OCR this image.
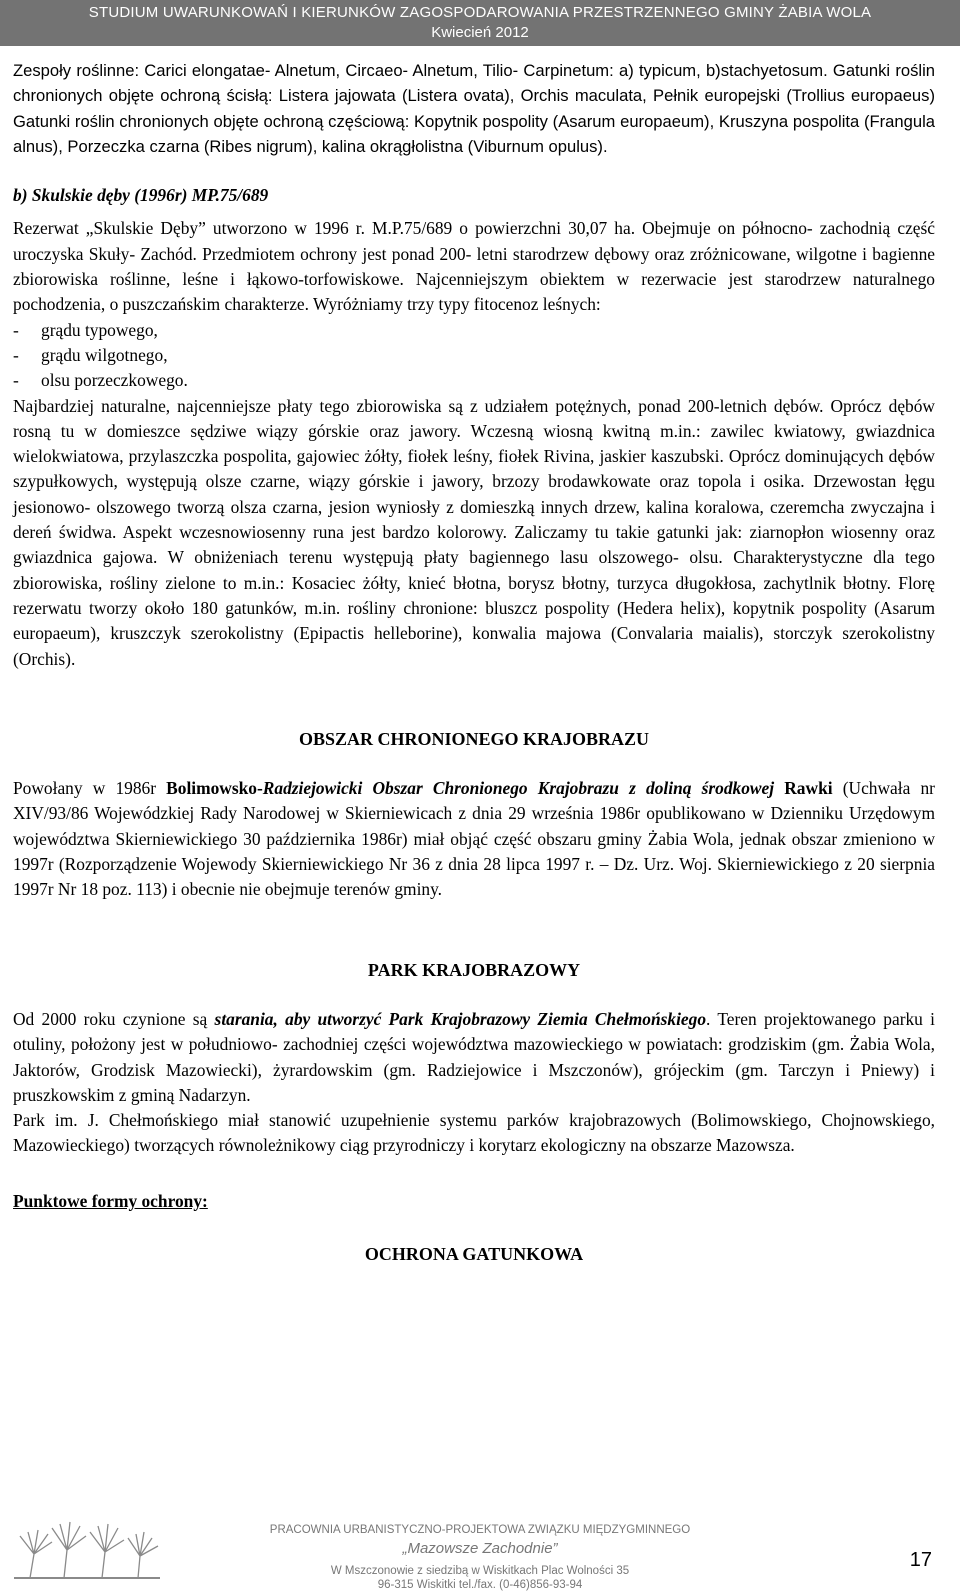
STUDIUM UWARUNKOWAŃ I KIERUNKÓW ZAGOSPODAROWANIA PRZESTRZENNEGO GMINY ŻABIA WOLA
Kwiecień 2012

Zespoły roślinne: Carici elongatae- Alnetum, Circaeo- Alnetum, Tilio- Carpinetum: a) typicum, b)stachyetosum. Gatunki roślin chronionych objęte ochroną ścisłą: Listera jajowata (Listera ovata), Orchis maculata, Pełnik europejski (Trollius europaeus) Gatunki roślin chronionych objęte ochroną częściową: Kopytnik pospolity (Asarum europaeum), Kruszyna pospolita (Frangula alnus), Porzeczka czarna (Ribes nigrum), kalina okrągłolistna (Viburnum opulus).

b) Skulskie dęby (1996r) MP.75/689

Rezerwat „Skulskie Dęby” utworzono w 1996 r. M.P.75/689 o powierzchni 30,07 ha. Obejmuje on północno- zachodnią część uroczyska Skuły- Zachód. Przedmiotem ochrony jest ponad 200- letni starodrzew dębowy oraz zróżnicowane, wilgotne i bagienne zbiorowiska roślinne, leśne i łąkowo-torfowiskowe. Najcenniejszym obiektem w rezerwacie jest starodrzew naturalnego pochodzenia, o puszczańskim charakterze. Wyróżniamy trzy typy fitocenoz leśnych:

- grądu typowego,

- grądu wilgotnego,

- olsu porzeczkowego.

Najbardziej naturalne, najcenniejsze płaty tego zbiorowiska są z udziałem potężnych, ponad 200-letnich dębów. Oprócz dębów rosną tu w domieszce sędziwe wiązy górskie oraz jawory. Wczesną wiosną kwitną m.in.: zawilec kwiatowy, gwiazdnica wielokwiatowa, przylaszczka pospolita, gajowiec żółty, fiołek leśny, fiołek Rivina, jaskier kaszubski. Oprócz dominujących dębów szypułkowych, występują olsze czarne, wiązy górskie i jawory, brzozy brodawkowate oraz topola i osika. Drzewostan łęgu jesionowo- olszowego tworzą olsza czarna, jesion wyniosły z domieszką innych drzew, kalina koralowa, czeremcha zwyczajna i dereń świdwa. Aspekt wczesnowiosenny runa jest bardzo kolorowy. Zaliczamy tu takie gatunki jak: ziarnopłon wiosenny oraz gwiazdnica gajowa. W obniżeniach terenu występują płaty bagiennego lasu olszowego- olsu. Charakterystyczne dla tego zbiorowiska, rośliny zielone to m.in.: Kosaciec żółty, knieć błotna, borysz błotny, turzyca długokłosa, zachytlnik błotny. Florę rezerwatu tworzy około 180 gatunków, m.in. rośliny chronione: bluszcz pospolity (Hedera helix), kopytnik pospolity (Asarum europaeum), kruszczyk szerokolistny (Epipactis helleborine), konwalia majowa (Convalaria maialis), storczyk szerokolistny (Orchis).

OBSZAR CHRONIONEGO KRAJOBRAZU

Powołany w 1986r Bolimowsko-Radziejowicki Obszar Chronionego Krajobrazu z doliną środkowej Rawki (Uchwała nr XIV/93/86 Wojewódzkiej Rady Narodowej w Skierniewicach z dnia 29 września 1986r opublikowano w Dzienniku Urzędowym województwa Skierniewickiego 30 października 1986r) miał objąć część obszaru gminy Żabia Wola, jednak obszar zmieniono w 1997r (Rozporządzenie Wojewody Skierniewickiego Nr 36 z dnia 28 lipca 1997 r. – Dz. Urz. Woj. Skierniewickiego z 20 sierpnia 1997r Nr 18 poz. 113) i obecnie nie obejmuje terenów gminy.

PARK KRAJOBRAZOWY

Od 2000 roku czynione są starania, aby utworzyć Park Krajobrazowy Ziemia Chełmońskiego. Teren projektowanego parku i otuliny, położony jest w południowo- zachodniej części województwa mazowieckiego w powiatach: grodziskim (gm. Żabia Wola, Jaktorów, Grodzisk Mazowiecki), żyrardowskim (gm. Radziejowice i Mszczonów), grójeckim (gm. Tarczyn i Pniewy) i pruszkowskim z gminą Nadarzyn.

Park im. J. Chełmońskiego miał stanowić uzupełnienie systemu parków krajobrazowych (Bolimowskiego, Chojnowskiego, Mazowieckiego) tworzących równoleżnikowy ciąg przyrodniczy i korytarz ekologiczny na obszarze Mazowsza.

Punktowe formy ochrony:

OCHRONA GATUNKOWA

PRACOWNIA URBANISTYCZNO-PROJEKTOWA ZWIĄZKU MIĘDZYGMINNEGO
„Mazowsze Zachodnie”
W Mszczonowie z siedzibą w Wiskitkach Plac Wolności 35
96-315 Wiskitki tel./fax. (0-46)856-93-94
17
